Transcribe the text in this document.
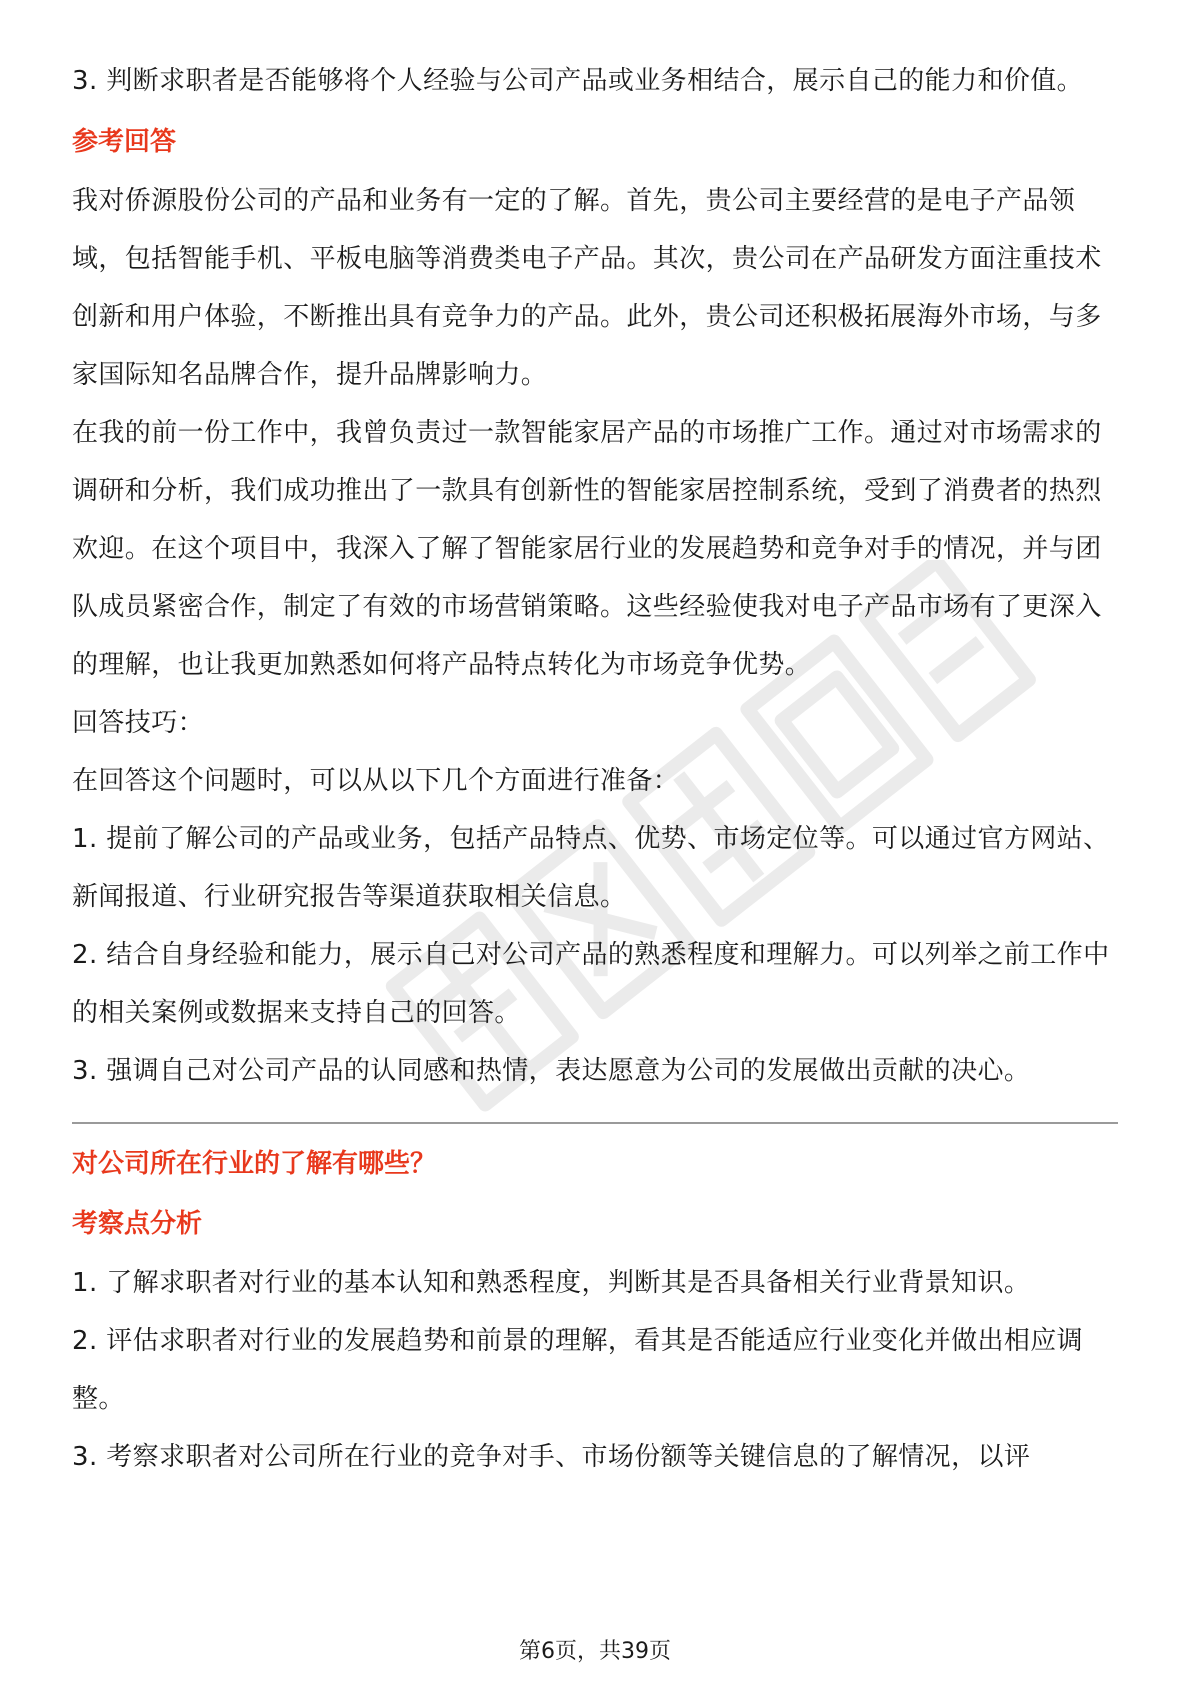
3. 判断求职者是否能够将个人经验与公司产品或业务相结合，展示自己的能力和价值。

参考回答

我对侨源股份公司的产品和业务有一定的了解。首先，贵公司主要经营的是电子产品领域，包括智能手机、平板电脑等消费类电子产品。其次，贵公司在产品研发方面注重技术创新和用户体验，不断推出具有竞争力的产品。此外，贵公司还积极拓展海外市场，与多家国际知名品牌合作，提升品牌影响力。

在我的前一份工作中，我曾负责过一款智能家居产品的市场推广工作。通过对市场需求的调研和分析，我们成功推出了一款具有创新性的智能家居控制系统，受到了消费者的热烈欢迎。在这个项目中，我深入了解了智能家居行业的发展趋势和竞争对手的情况，并与团队成员紧密合作，制定了有效的市场营销策略。这些经验使我对电子产品市场有了更深入的理解，也让我更加熟悉如何将产品特点转化为市场竞争优势。

回答技巧：

在回答这个问题时，可以从以下几个方面进行准备：

1. 提前了解公司的产品或业务，包括产品特点、优势、市场定位等。可以通过官方网站、新闻报道、行业研究报告等渠道获取相关信息。

2. 结合自身经验和能力，展示自己对公司产品的熟悉程度和理解力。可以列举之前工作中的相关案例或数据来支持自己的回答。

3. 强调自己对公司产品的认同感和热情，表达愿意为公司的发展做出贡献的决心。

对公司所在行业的了解有哪些？
考察点分析

1. 了解求职者对行业的基本认知和熟悉程度，判断其是否具备相关行业背景知识。

2. 评估求职者对行业的发展趋势和前景的理解，看其是否能适应行业变化并做出相应调整。

3. 考察求职者对公司所在行业的竞争对手、市场份额等关键信息的了解情况，以评

第6页，共39页
